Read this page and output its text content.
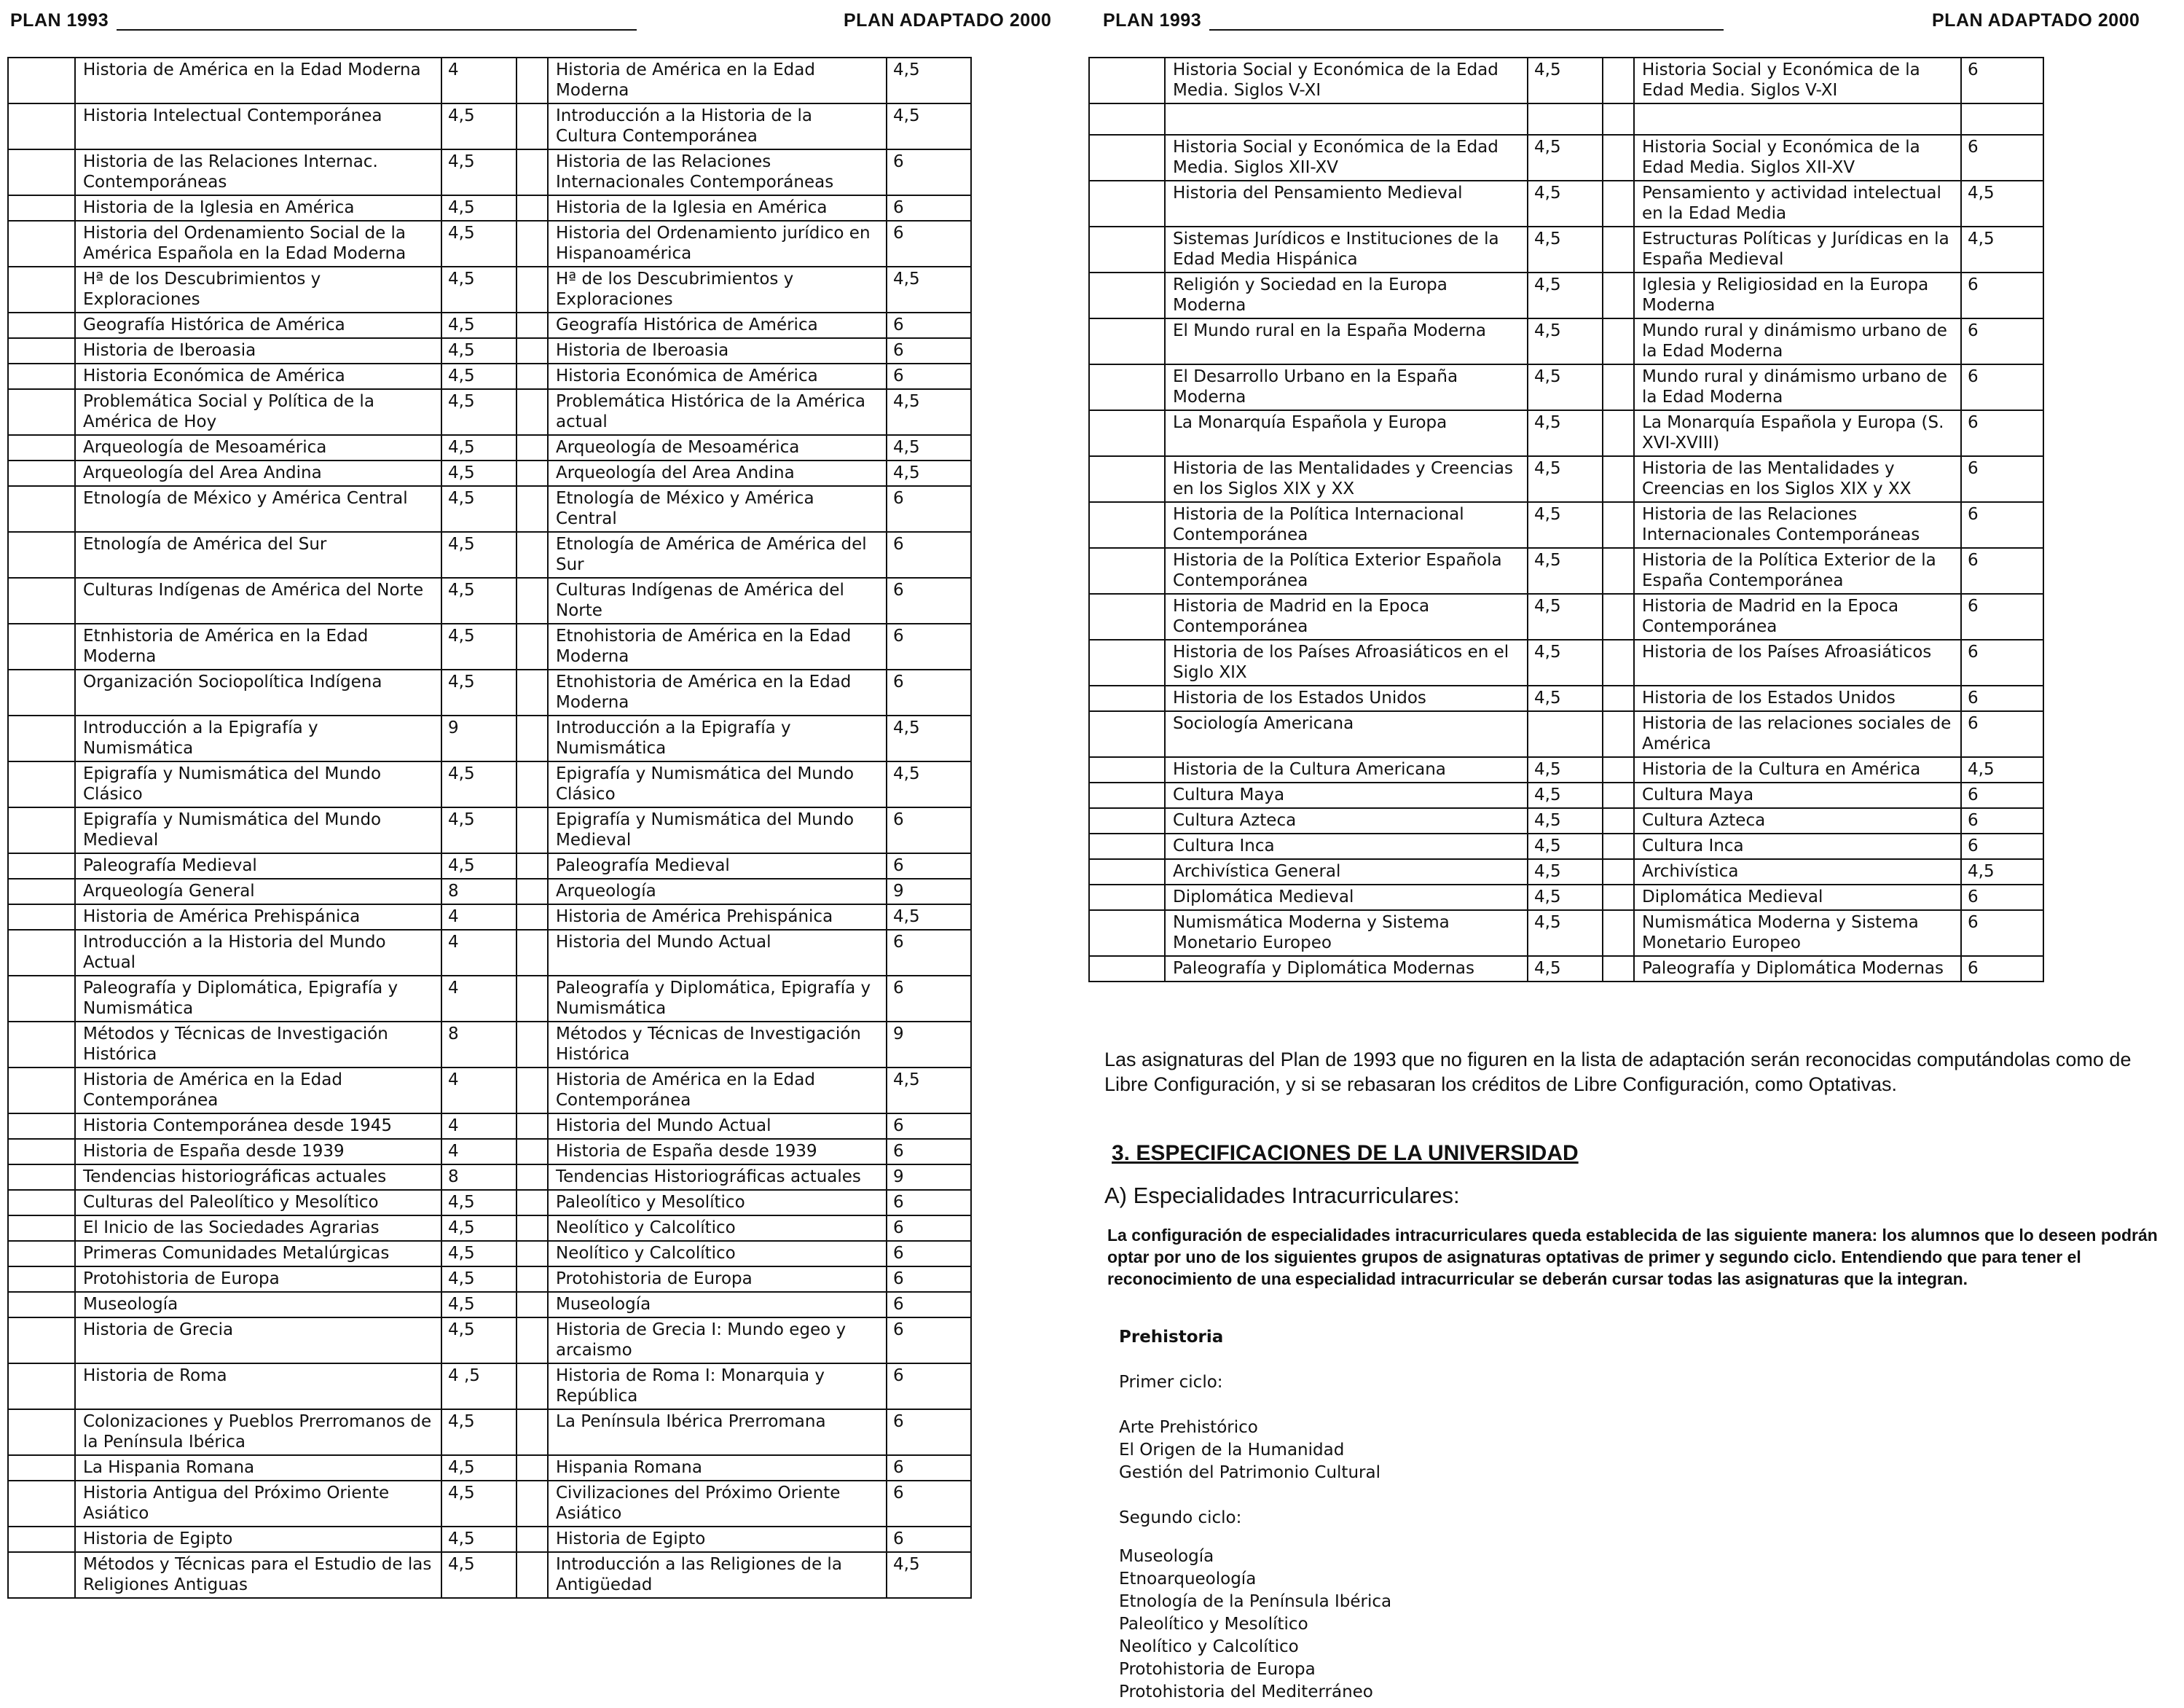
PLAN 1993	PLAN ADAPTADO 2000
	Historia de América en la Edad Moderna	4		Historia de América en la Edad Moderna	4,5
	Historia Intelectual Contemporánea	4,5		Introducción a la Historia de la Cultura Contemporánea	4,5
	Historia de las Relaciones Internac. Contemporáneas	4,5		Historia de las Relaciones Internacionales Contemporáneas	6
	Historia de la Iglesia en América	4,5		Historia de la Iglesia en América	6
	Historia del Ordenamiento Social de la América Española en la Edad Moderna	4,5		Historia del Ordenamiento jurídico en Hispanoamérica	6
	Hª de los Descubrimientos y Exploraciones	4,5		Hª de los Descubrimientos y Exploraciones	4,5
	Geografía Histórica de América	4,5		Geografía Histórica de América	6
	Historia de Iberoasia	4,5		Historia de Iberoasia	6
	Historia Económica de América	4,5		Historia Económica de América	6
	Problemática Social y Política de la América de Hoy	4,5		Problemática Histórica de la América actual	4,5
	Arqueología de Mesoamérica	4,5		Arqueología de Mesoamérica	4,5
	Arqueología del Area Andina	4,5		Arqueología del Area Andina	4,5
	Etnología de México y América Central	4,5		Etnología de México y América Central	6
	Etnología de América del Sur	4,5		Etnología de América de América del Sur	6
	Culturas Indígenas de América del Norte	4,5		Culturas Indígenas de América del Norte	6
	Etnhistoria de América en la Edad Moderna	4,5		Etnohistoria de América en la Edad Moderna	6
	Organización Sociopolítica Indígena	4,5		Etnohistoria de América en la Edad Moderna	6
	Introducción a la Epigrafía y Numismática	9		Introducción a la Epigrafía y Numismática	4,5
	Epigrafía y Numismática del Mundo Clásico	4,5		Epigrafía y Numismática del Mundo Clásico	4,5
	Epigrafía y Numismática del Mundo Medieval	4,5		Epigrafía y Numismática del Mundo Medieval	6
	Paleografía Medieval	4,5		Paleografía Medieval	6
	Arqueología General	8		Arqueología	9
	Historia de América Prehispánica	4		Historia de América Prehispánica	4,5
	Introducción a la Historia del Mundo Actual	4		Historia del Mundo Actual	6
	Paleografía y Diplomática, Epigrafía y Numismática	4		Paleografía y Diplomática, Epigrafía y Numismática	6
	Métodos y Técnicas de Investigación Histórica	8		Métodos y Técnicas de Investigación Histórica	9
	Historia de América en la Edad Contemporánea	4		Historia de América en la Edad Contemporánea	4,5
	Historia Contemporánea desde 1945	4		Historia del Mundo Actual	6
	Historia de España desde 1939	4		Historia de España desde 1939	6
	Tendencias historiográficas actuales	8		Tendencias Historiográficas actuales	9
	Culturas del Paleolítico y Mesolítico	4,5		Paleolítico y Mesolítico	6
	El Inicio de las Sociedades Agrarias	4,5		Neolítico y Calcolítico	6
	Primeras Comunidades Metalúrgicas	4,5		Neolítico y Calcolítico	6
	Protohistoria de Europa	4,5		Protohistoria de Europa	6
	Museología	4,5		Museología	6
	Historia de Grecia	4,5		Historia de Grecia I: Mundo egeo y arcaismo	6
	Historia de Roma	4 ,5		Historia de Roma I: Monarquia y República	6
	Colonizaciones y Pueblos Prerromanos de la Península Ibérica	4,5		La Península Ibérica Prerromana	6
	La Hispania Romana	4,5		Hispania Romana	6
	Historia Antigua del Próximo Oriente Asiático	4,5		Civilizaciones del Próximo Oriente Asiático	6
	Historia de Egipto	4,5		Historia de Egipto	6
	Métodos y Técnicas para el Estudio de las Religiones Antiguas	4,5		Introducción a las Religiones de la Antigüedad	4,5
PLAN 1993	PLAN ADAPTADO 2000
	Historia Social y Económica de la Edad Media. Siglos V-XI	4,5		Historia Social y Económica de la Edad Media. Siglos V-XI	6

	Historia Social y Económica de la Edad Media. Siglos XII-XV	4,5		Historia Social y Económica de la Edad Media. Siglos XII-XV	6
	Historia del Pensamiento Medieval	4,5		Pensamiento y actividad intelectual en la Edad Media	4,5
	Sistemas Jurídicos e Instituciones de la Edad Media Hispánica	4,5		Estructuras Políticas y Jurídicas en la España Medieval	4,5
	Religión y Sociedad en la Europa Moderna	4,5		Iglesia y Religiosidad en la Europa Moderna	6
	El Mundo rural en la España Moderna	4,5		Mundo rural y dinámismo urbano de la Edad Moderna	6
	El Desarrollo Urbano en la España Moderna	4,5		Mundo rural y dinámismo urbano de la Edad Moderna	6
	La Monarquía Española y Europa	4,5		La Monarquía Española y Europa (S. XVI-XVIII)	6
	Historia de las Mentalidades y Creencias en los Siglos XIX y XX	4,5		Historia de las Mentalidades y Creencias en los Siglos XIX y XX	6
	Historia de la Política Internacional Contemporánea	4,5		Historia de las Relaciones Internacionales Contemporáneas	6
	Historia de la Política Exterior Española Contemporánea	4,5		Historia de la Política Exterior de la España Contemporánea	6
	Historia de Madrid en la Epoca Contemporánea	4,5		Historia de Madrid en la Epoca Contemporánea	6
	Historia de los Países Afroasiáticos en el Siglo XIX	4,5		Historia de los Países Afroasiáticos	6
	Historia de los Estados Unidos	4,5		Historia de los Estados Unidos	6
	Sociología Americana			Historia de las relaciones sociales de América	6
	Historia de la Cultura Americana	4,5		Historia de la Cultura en América	4,5
	Cultura Maya	4,5		Cultura Maya	6
	Cultura Azteca	4,5		Cultura Azteca	6
	Cultura Inca	4,5		Cultura Inca	6
	Archivística General	4,5		Archivística	4,5
	Diplomática Medieval	4,5		Diplomática Medieval	6
	Numismática Moderna y Sistema Monetario Europeo	4,5		Numismática Moderna y Sistema Monetario Europeo	6
	Paleografía y Diplomática Modernas	4,5		Paleografía y Diplomática Modernas	6
Las asignaturas del Plan de 1993 que no figuren en la lista de adaptación serán reconocidas computándolas como de Libre Configuración, y si se rebasaran los créditos de Libre Configuración, como Optativas.
3. ESPECIFICACIONES DE LA UNIVERSIDAD
A) Especialidades Intracurriculares:
La configuración de especialidades intracurriculares queda establecida de las siguiente manera: los alumnos que lo deseen podrán optar por uno de los siguientes grupos de asignaturas optativas de primer y segundo ciclo. Entendiendo que para tener el reconocimiento de una especialidad intracurricular se deberán cursar todas las asignaturas que la integran.
Prehistoria
Primer ciclo:
Arte Prehistórico
El Origen de la Humanidad
Gestión del Patrimonio Cultural
Segundo ciclo:
Museología
Etnoarqueología
Etnología de la Península Ibérica
Paleolítico y Mesolítico
Neolítico y Calcolítico
Protohistoria de Europa
Protohistoria del Mediterráneo
